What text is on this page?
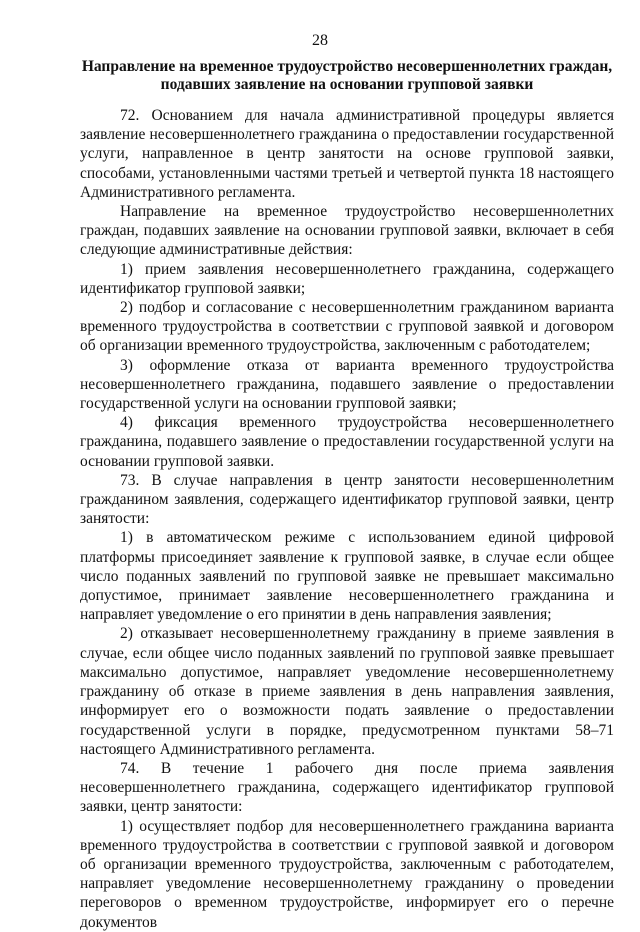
28
Направление на временное трудоустройство несовершеннолетних граждан,
подавших заявление на основании групповой заявки

72. Основанием для начала административной процедуры является заявление несовершеннолетнего гражданина о предоставлении государственной услуги, направленное в центр занятости на основе групповой заявки, способами, установленными частями третьей и четвертой пункта 18 настоящего Административного регламента.

Направление на временное трудоустройство несовершеннолетних граждан, подавших заявление на основании групповой заявки, включает в себя следующие административные действия:

1) прием заявления несовершеннолетнего гражданина, содержащего идентификатор групповой заявки;

2) подбор и согласование с несовершеннолетним гражданином варианта временного трудоустройства в соответствии с групповой заявкой и договором об организации временного трудоустройства, заключенным с работодателем;

3) оформление отказа от варианта временного трудоустройства несовершеннолетнего гражданина, подавшего заявление о предоставлении государственной услуги на основании групповой заявки;

4) фиксация временного трудоустройства несовершеннолетнего гражданина, подавшего заявление о предоставлении государственной услуги на основании групповой заявки.

73. В случае направления в центр занятости несовершеннолетним гражданином заявления, содержащего идентификатор групповой заявки, центр занятости:

1) в автоматическом режиме с использованием единой цифровой платформы присоединяет заявление к групповой заявке, в случае если общее число поданных заявлений по групповой заявке не превышает максимально допустимое, принимает заявление несовершеннолетнего гражданина и направляет уведомление о его принятии в день направления заявления;

2) отказывает несовершеннолетнему гражданину в приеме заявления в случае, если общее число поданных заявлений по групповой заявке превышает максимально допустимое, направляет уведомление несовершеннолетнему гражданину об отказе в приеме заявления в день направления заявления, информирует его о возможности подать заявление о предоставлении государственной услуги в порядке, предусмотренном пунктами 58–71 настоящего Административного регламента.

74. В течение 1 рабочего дня после приема заявления несовершеннолетнего гражданина, содержащего идентификатор групповой заявки, центр занятости:

1) осуществляет подбор для несовершеннолетнего гражданина варианта временного трудоустройства в соответствии с групповой заявкой и договором об организации временного трудоустройства, заключенным с работодателем, направляет уведомление несовершеннолетнему гражданину о проведении переговоров о временном трудоустройстве, информирует его о перечне документов
